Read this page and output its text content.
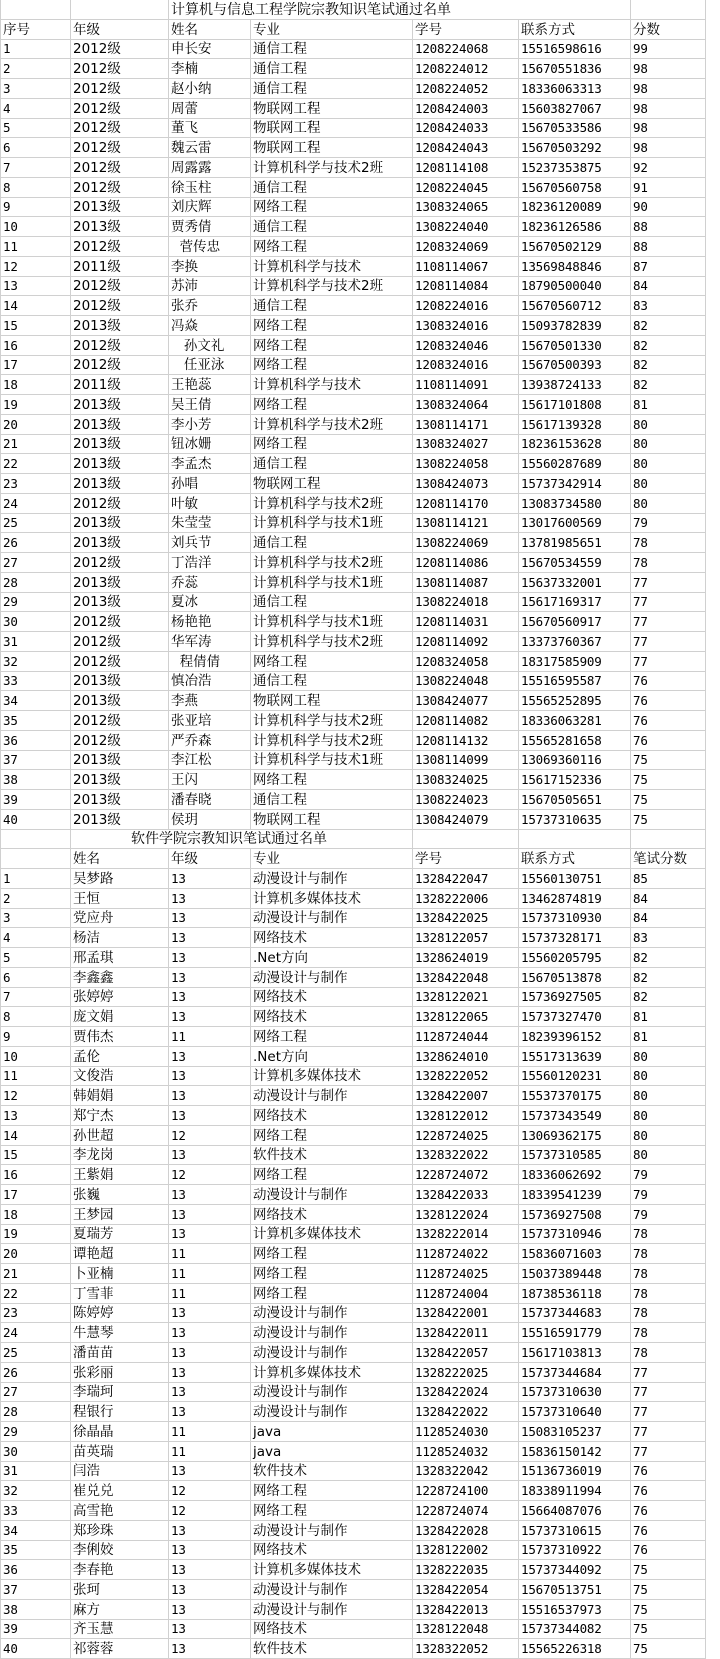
		计算机与信息工程学院宗教知识笔试通过名单				
序号	年级	姓名	专业	学号	联系方式	分数
1	2012级	申长安	通信工程	1208224068	15516598616	99
2	2012级	李楠	通信工程	1208224012	15670551836	98
3	2012级	赵小纳	通信工程	1208224052	18336063313	98
4	2012级	周蕾	物联网工程	1208424003	15603827067	98
5	2012级	董飞	物联网工程	1208424033	15670533586	98
6	2012级	魏云雷	物联网工程	1208424043	15670503292	98
7	2012级	周露露	计算机科学与技术2班	1208114108	15237353875	92
8	2012级	徐玉柱	通信工程	1208224045	15670560758	91
9	2013级	刘庆辉	网络工程	1308324065	18236120089	90
10	2013级	贾秀倩	通信工程	1308224040	18236126586	88
11	2012级	菅传忠	网络工程	1208324069	15670502129	88
12	2011级	李换	计算机科学与技术	1108114067	13569848846	87
13	2012级	苏沛	计算机科学与技术2班	1208114084	18790500040	84
14	2012级	张乔	通信工程	1208224016	15670560712	83
15	2013级	冯焱	网络工程	1308324016	15093782839	82
16	2012级	孙文礼	网络工程	1208324046	15670501330	82
17	2012级	任亚泳	网络工程	1208324016	15670500393	82
18	2011级	王艳蕊	计算机科学与技术	1108114091	13938724133	82
19	2013级	吴王倩	网络工程	1308324064	15617101808	81
20	2013级	李小芳	计算机科学与技术2班	1308114171	15617139328	80
21	2013级	钮冰姗	网络工程	1308324027	18236153628	80
22	2013级	李孟杰	通信工程	1308224058	15560287689	80
23	2013级	孙唱	物联网工程	1308424073	15737342914	80
24	2012级	叶敏	计算机科学与技术2班	1208114170	13083734580	80
25	2013级	朱莹莹	计算机科学与技术1班	1308114121	13017600569	79
26	2013级	刘兵节	通信工程	1308224069	13781985651	78
27	2012级	丁浩洋	计算机科学与技术2班	1208114086	15670534559	78
28	2013级	乔蕊	计算机科学与技术1班	1308114087	15637332001	77
29	2013级	夏冰	通信工程	1308224018	15617169317	77
30	2012级	杨艳艳	计算机科学与技术1班	1208114031	15670560917	77
31	2012级	华军涛	计算机科学与技术2班	1208114092	13373760367	77
32	2012级	程倩倩	网络工程	1208324058	18317585909	77
33	2013级	慎冶浩	通信工程	1308224048	15516595587	76
34	2013级	李燕	物联网工程	1308424077	15565252895	76
35	2012级	张亚培	计算机科学与技术2班	1208114082	18336063281	76
36	2012级	严乔森	计算机科学与技术2班	1208114132	15565281658	76
37	2013级	李江松	计算机科学与技术1班	1308114099	13069360116	75
38	2013级	王闪	网络工程	1308324025	15617152336	75
39	2013级	潘春晓	通信工程	1308224023	15670505651	75
40	2013级	侯玥	物联网工程	1308424079	15737310635	75
	软件学院宗教知识笔试通过名单					
	姓名	年级	专业	学号	联系方式	笔试分数
1	吴梦路	13	动漫设计与制作	1328422047	15560130751	85
2	王恒	13	计算机多媒体技术	1328222006	13462874819	84
3	党应舟	13	动漫设计与制作	1328422025	15737310930	84
4	杨洁	13	网络技术	1328122057	15737328171	83
5	邢孟琪	13	.Net方向	1328624019	15560205795	82
6	李鑫鑫	13	动漫设计与制作	1328422048	15670513878	82
7	张婷婷	13	网络技术	1328122021	15736927505	82
8	庞文娟	13	网络技术	1328122065	15737327470	81
9	贾伟杰	11	网络工程	1128724044	18239396152	81
10	孟伦	13	.Net方向	1328624010	15517313639	80
11	文俊浩	13	计算机多媒体技术	1328222052	15560120231	80
12	韩娟娟	13	动漫设计与制作	1328422007	15537370175	80
13	郑宁杰	13	网络技术	1328122012	15737343549	80
14	孙世超	12	网络工程	1228724025	13069362175	80
15	李龙岗	13	软件技术	1328322022	15737310585	80
16	王紫娟	12	网络工程	1228724072	18336062692	79
17	张巍	13	动漫设计与制作	1328422033	18339541239	79
18	王梦园	13	网络技术	1328122024	15736927508	79
19	夏瑞芳	13	计算机多媒体技术	1328222014	15737310946	78
20	谭艳超	11	网络工程	1128724022	15836071603	78
21	卜亚楠	11	网络工程	1128724025	15037389448	78
22	丁雪菲	11	网络工程	1128724004	18738536118	78
23	陈婷婷	13	动漫设计与制作	1328422001	15737344683	78
24	牛慧琴	13	动漫设计与制作	1328422011	15516591779	78
25	潘苗苗	13	动漫设计与制作	1328422057	15617103813	78
26	张彩丽	13	计算机多媒体技术	1328222025	15737344684	77
27	李瑞珂	13	动漫设计与制作	1328422024	15737310630	77
28	程银行	13	动漫设计与制作	1328422022	15737310640	77
29	徐晶晶	11	java	1128524030	15083105237	77
30	苗英瑞	11	java	1128524032	15836150142	77
31	闫浩	13	软件技术	1328322042	15136736019	76
32	崔兑兑	12	网络工程	1228724100	18338911994	76
33	高雪艳	12	网络工程	1228724074	15664087076	76
34	郑珍珠	13	动漫设计与制作	1328422028	15737310615	76
35	李俐姣	13	网络技术	1328122002	15737310922	76
36	李春艳	13	计算机多媒体技术	1328222035	15737344092	75
37	张珂	13	动漫设计与制作	1328422054	15670513751	75
38	麻方	13	动漫设计与制作	1328422013	15516537973	75
39	齐玉慧	13	网络技术	1328122048	15737344082	75
40	祁蓉蓉	13	软件技术	1328322052	15565226318	75
